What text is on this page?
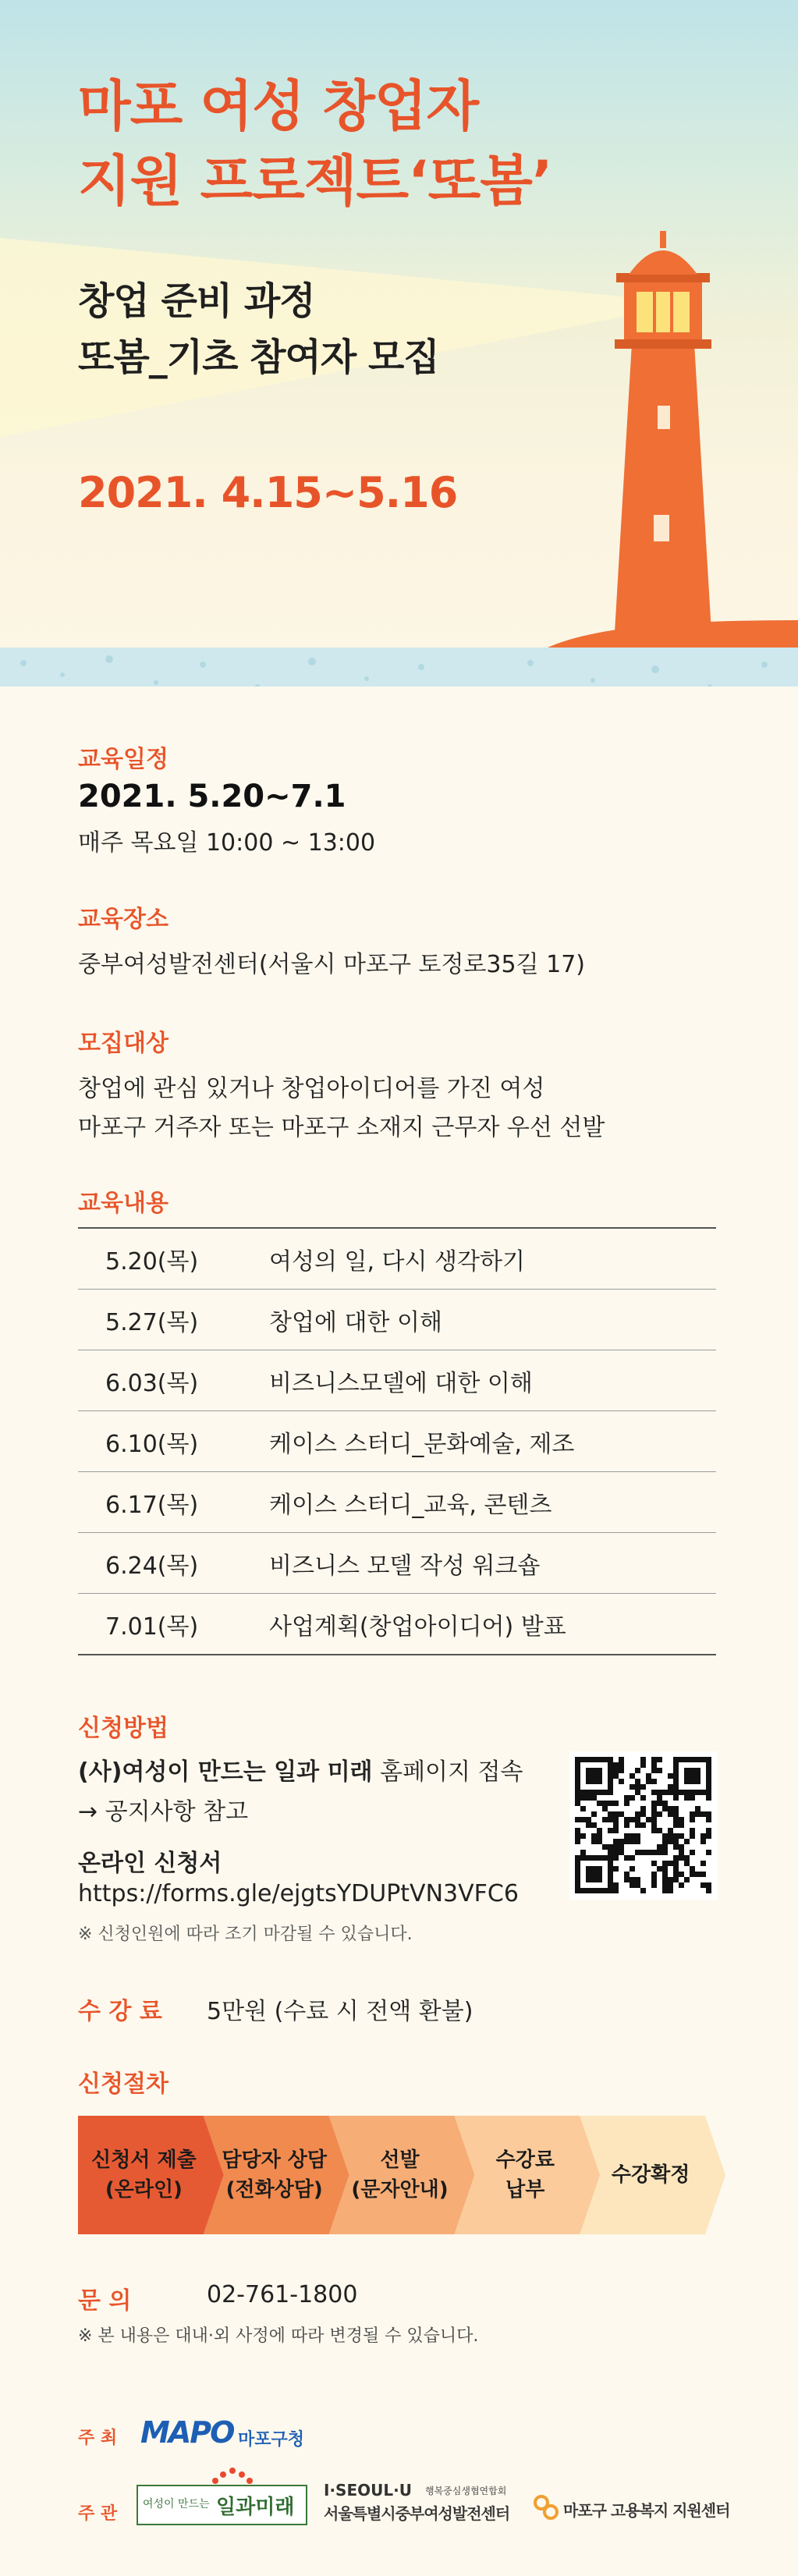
마포 여성 창업자
지원 프로젝트‘또봄’
창업 준비 과정
또봄_기초 참여자 모집
2021. 4.15~5.16
교육일정
2021. 5.20~7.1
매주 목요일 10:00 ~ 13:00
교육장소
중부여성발전센터(서울시 마포구 토정로35길 17)
모집대상
창업에 관심 있거나 창업아이디어를 가진 여성
마포구 거주자 또는 마포구 소재지 근무자 우선 선발
교육내용
5.20(목)	여성의 일, 다시 생각하기
5.27(목)	창업에 대한 이해
6.03(목)	비즈니스모델에 대한 이해
6.10(목)	케이스 스터디_문화예술, 제조
6.17(목)	케이스 스터디_교육, 콘텐츠
6.24(목)	비즈니스 모델 작성 워크숍
7.01(목)	사업계획(창업아이디어) 발표
신청방법
(사)여성이 만드는 일과 미래 홈페이지 접속
→ 공지사항 참고
온라인 신청서
https://forms.gle/ejgtsYDUPtVN3VFC6
※ 신청인원에 따라 조기 마감될 수 있습니다.
수 강 료 5만원 (수료 시 전액 환불)
신청절차
신청서 제출
(온라인)
담당자 상담
(전화상담)
선발
(문자안내)
수강료
납부
수강확정
문 의	02-761-1800
※ 본 내용은 대내·외 사정에 따라 변경될 수 있습니다.
주 최 MAPO 마포구청
주 관 여성이 만드는 일과미래
I·SEOUL·U 행복중심생협연합회
서울특별시중부여성발전센터	마포구 고용복지 지원센터
